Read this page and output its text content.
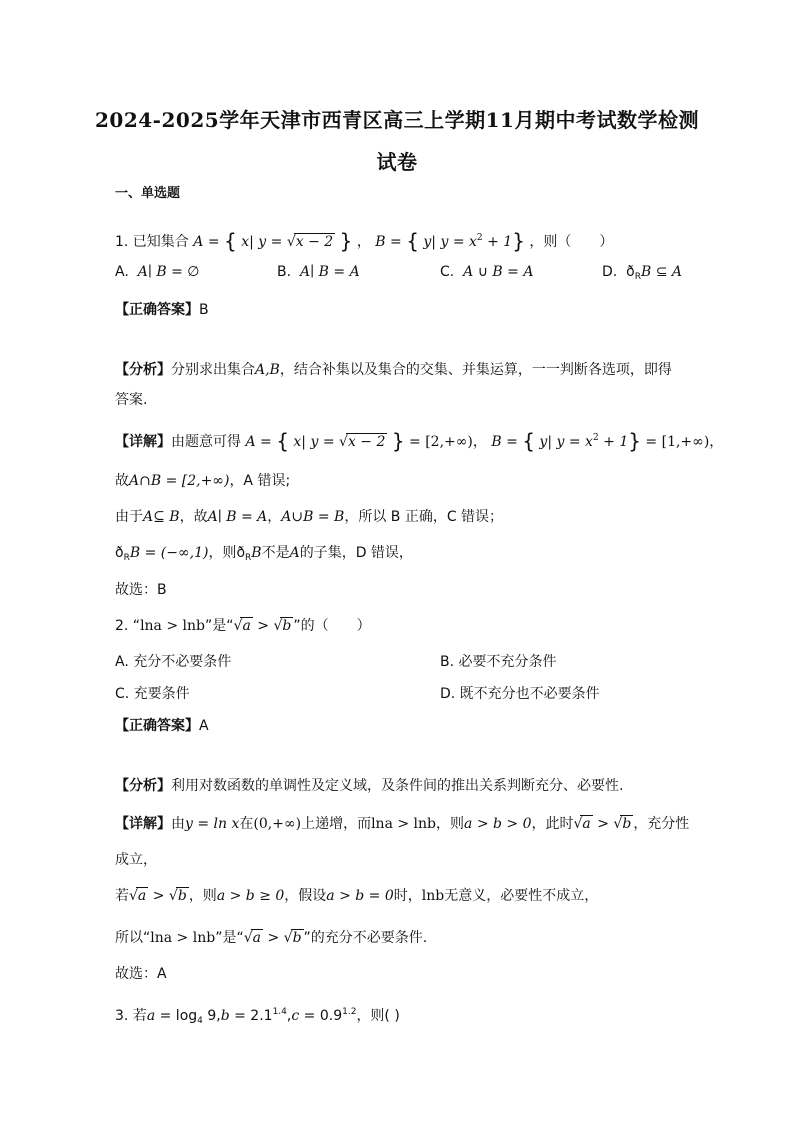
2024-2025学年天津市西青区高三上学期11月期中考试数学检测
试卷
一、单选题
1. 已知集合 A = { x| y = √x − 2 } ， B = { y| $y = x^2 + 1$} ，则（　　）
A. A∣ B = ∅	B. A∣ B = A	C. A ∪ B = A	D.  $ð_RB$ ⊆ A
【正确答案】B
【分析】分别求出集合A,B，结合补集以及集合的交集、并集运算，一一判断各选项，即得
答案.
【详解】由题意可得 A = { x| y = √x − 2 } = [2,+∞)， B = { y| $y = x^2 + 1\} = [1,+\infty)$，
故A∩B = [2,+∞)，A 错误;
由于A⊆ B，故A∣ B = A，A∪B = B，所以 B 正确，C 错误；
$ð_RB = (-\infty,1)$，则$ð_RB$不是A的子集，D 错误，
故选：B
2. “lna > lnb”是“√a > √b ”的（　　）
A. 充分不必要条件	B. 必要不充分条件
C. 充要条件	D. 既不充分也不必要条件
【正确答案】A
【分析】利用对数函数的单调性及定义域，及条件间的推出关系判断充分、必要性.
【详解】由y = ln x在(0,+∞)上递增，而lna > lnb，则a > b > 0，此时√a > √b ，充分性
成立，
若√a > √b ，则a > b ≥ 0，假设a > b = 0时，lnb无意义，必要性不成立，
所以“lna > lnb”是“√a > √b ”的充分不必要条件.
故选：A
3. 若$a = \log_4 9,b = 2.1^{1.4},c = 0.9^{1.2}$，则( )
